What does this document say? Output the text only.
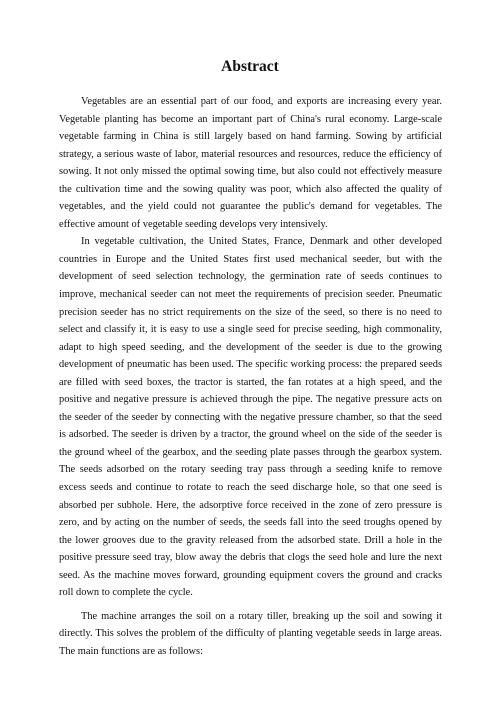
Abstract

Vegetables are an essential part of our food, and exports are increasing every year. Vegetable planting has become an important part of China's rural economy. Large-scale vegetable farming in China is still largely based on hand farming. Sowing by artificial strategy, a serious waste of labor, material resources and resources, reduce the efficiency of sowing. It not only missed the optimal sowing time, but also could not effectively measure the cultivation time and the sowing quality was poor, which also affected the quality of vegetables, and the yield could not guarantee the public's demand for vegetables. The effective amount of vegetable seeding develops very intensively.

In vegetable cultivation, the United States, France, Denmark and other developed countries in Europe and the United States first used mechanical seeder, but with the development of seed selection technology, the germination rate of seeds continues to improve, mechanical seeder can not meet the requirements of precision seeder. Pneumatic precision seeder has no strict requirements on the size of the seed, so there is no need to select and classify it, it is easy to use a single seed for precise seeding, high commonality, adapt to high speed seeding, and the development of the seeder is due to the growing development of pneumatic has been used. The specific working process: the prepared seeds are filled with seed boxes, the tractor is started, the fan rotates at a high speed, and the positive and negative pressure is achieved through the pipe. The negative pressure acts on the seeder of the seeder by connecting with the negative pressure chamber, so that the seed is adsorbed. The seeder is driven by a tractor, the ground wheel on the side of the seeder is the ground wheel of the gearbox, and the seeding plate passes through the gearbox system. The seeds adsorbed on the rotary seeding tray pass through a seeding knife to remove excess seeds and continue to rotate to reach the seed discharge hole, so that one seed is absorbed per subhole. Here, the adsorptive force received in the zone of zero pressure is zero, and by acting on the number of seeds, the seeds fall into the seed troughs opened by the lower grooves due to the gravity released from the adsorbed state. Drill a hole in the positive pressure seed tray, blow away the debris that clogs the seed hole and lure the next seed. As the machine moves forward, grounding equipment covers the ground and cracks roll down to complete the cycle.

The machine arranges the soil on a rotary tiller, breaking up the soil and sowing it directly. This solves the problem of the difficulty of planting vegetable seeds in large areas. The main functions are as follows:
